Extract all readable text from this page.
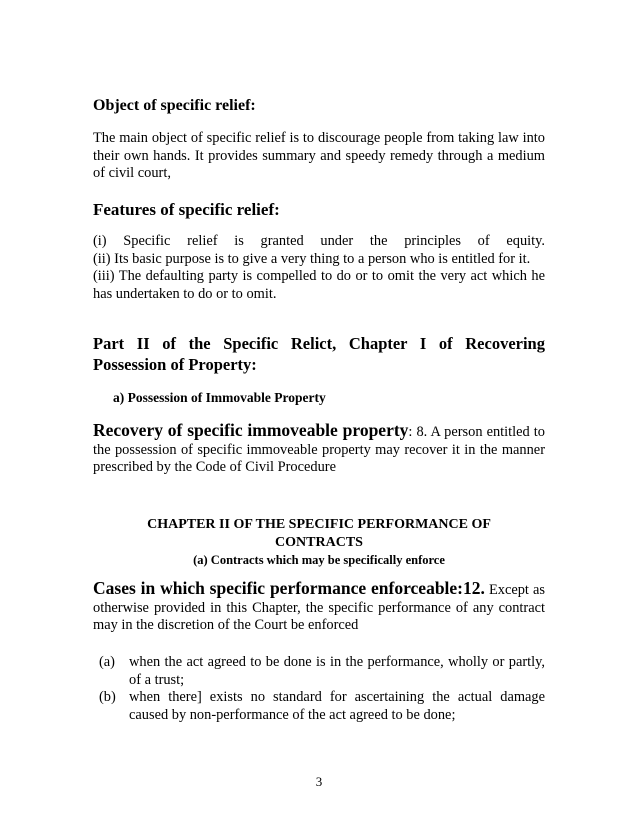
Object of specific relief:

The main object of specific relief is to discourage people from taking law into their own hands. It provides summary and speedy remedy through a medium of civil court,

Features of specific relief:

(i) Specific relief is granted under the principles of equity.

(ii) Its basic purpose is to give a very thing to a person who is entitled for it.

(iii) The defaulting party is compelled to do or to omit the very act which he has undertaken to do or to omit.

Part II of the Specific Relict, Chapter I of Recovering Possession of Property:
a) Possession of Immovable Property

Recovery of specific immoveable property: 8. A person entitled to the possession of specific immoveable property may recover it in the manner prescribed by the Code of Civil Procedure

CHAPTER II OF THE SPECIFIC PERFORMANCE OF
CONTRACTS
(a) Contracts which may be specifically enforce

Cases in which specific performance enforceable:12. Except as otherwise provided in this Chapter, the specific performance of any contract may in the discretion of the Court be enforced

(a) when the act agreed to be done is in the performance, wholly or partly, of a trust;
(b) when there] exists no standard for ascertaining the actual damage caused by non-performance of the act agreed to be done;
3
